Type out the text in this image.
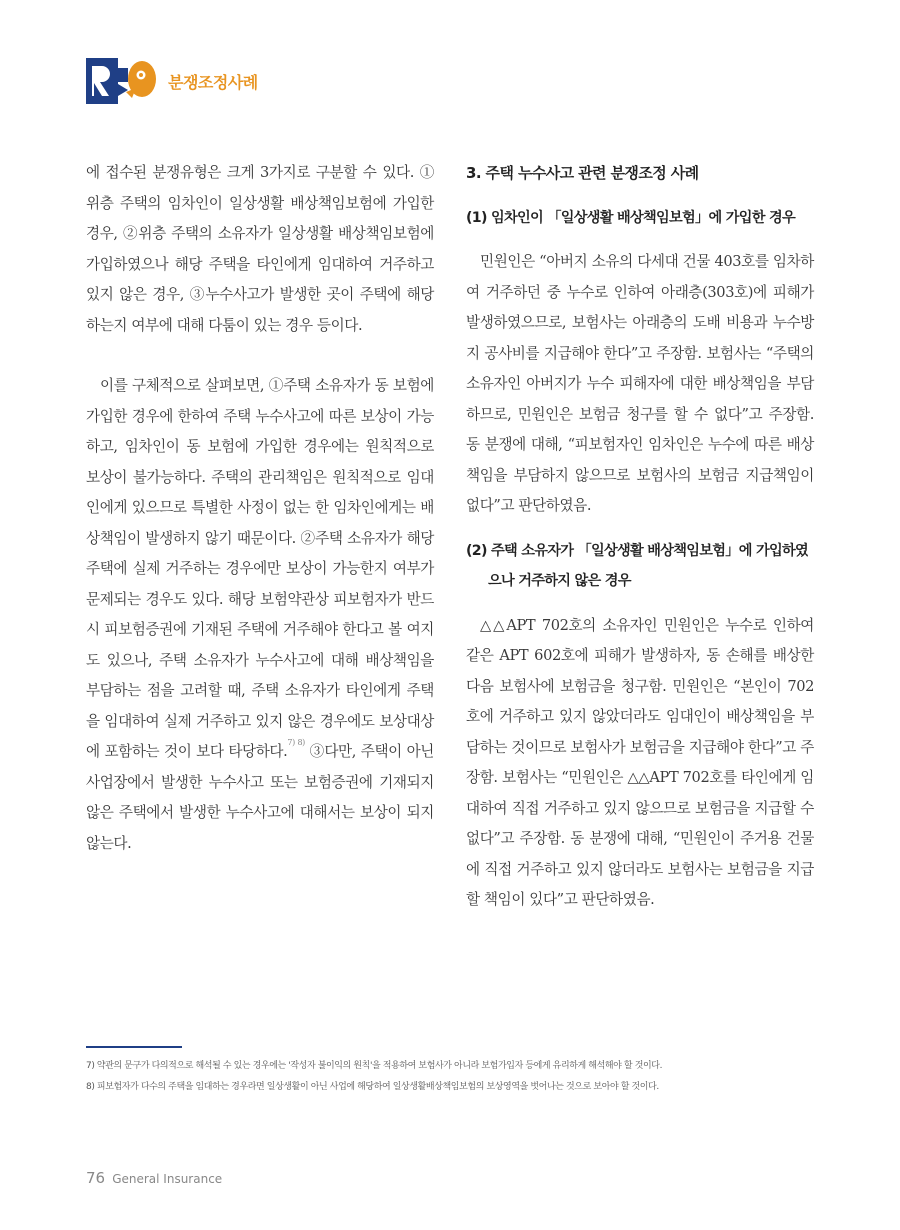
분쟁조정사례

에 접수된 분쟁유형은 크게 3가지로 구분할 수 있다. ①위층 주택의 임차인이 일상생활 배상책임보험에 가입한 경우, ②위층 주택의 소유자가 일상생활 배상책임보험에 가입하였으나 해당 주택을 타인에게 임대하여 거주하고 있지 않은 경우, ③누수사고가 발생한 곳이 주택에 해당하는지 여부에 대해 다툼이 있는 경우 등이다.

이를 구체적으로 살펴보면, ①주택 소유자가 동 보험에 가입한 경우에 한하여 주택 누수사고에 따른 보상이 가능하고, 임차인이 동 보험에 가입한 경우에는 원칙적으로 보상이 불가능하다. 주택의 관리책임은 원칙적으로 임대인에게 있으므로 특별한 사정이 없는 한 임차인에게는 배상책임이 발생하지 않기 때문이다. ②주택 소유자가 해당 주택에 실제 거주하는 경우에만 보상이 가능한지 여부가 문제되는 경우도 있다. 해당 보험약관상 피보험자가 반드시 피보험증권에 기재된 주택에 거주해야 한다고 볼 여지도 있으나, 주택 소유자가 누수사고에 대해 배상책임을 부담하는 점을 고려할 때, 주택 소유자가 타인에게 주택을 임대하여 실제 거주하고 있지 않은 경우에도 보상대상에 포함하는 것이 보다 타당하다.$^{7) 8)}$ ③다만, 주택이 아닌 사업장에서 발생한 누수사고 또는 보험증권에 기재되지 않은 주택에서 발생한 누수사고에 대해서는 보상이 되지 않는다.

3. 주택 누수사고 관련 분쟁조정 사례
(1) 임차인이 「일상생활 배상책임보험」에 가입한 경우

민원인은 “아버지 소유의 다세대 건물 403호를 임차하여 거주하던 중 누수로 인하여 아래층(303호)에 피해가 발생하였으므로, 보험사는 아래층의 도배 비용과 누수방지 공사비를 지급해야 한다”고 주장함. 보험사는 “주택의 소유자인 아버지가 누수 피해자에 대한 배상책임을 부담하므로, 민원인은 보험금 청구를 할 수 없다”고 주장함. 동 분쟁에 대해, “피보험자인 임차인은 누수에 따른 배상책임을 부담하지 않으므로 보험사의 보험금 지급책임이 없다”고 판단하였음.

(2) 주택 소유자가 「일상생활 배상책임보험」에 가입하였으나 거주하지 않은 경우

△△APT 702호의 소유자인 민원인은 누수로 인하여 같은 APT 602호에 피해가 발생하자, 동 손해를 배상한 다음 보험사에 보험금을 청구함. 민원인은 “본인이 702호에 거주하고 있지 않았더라도 임대인이 배상책임을 부담하는 것이므로 보험사가 보험금을 지급해야 한다”고 주장함. 보험사는 “민원인은 △△APT 702호를 타인에게 임대하여 직접 거주하고 있지 않으므로 보험금을 지급할 수 없다”고 주장함. 동 분쟁에 대해, “민원인이 주거용 건물에 직접 거주하고 있지 않더라도 보험사는 보험금을 지급할 책임이 있다”고 판단하였음.

7) 약관의 문구가 다의적으로 해석될 수 있는 경우에는 '작성자 불이익의 원칙'을 적용하여 보험사가 아니라 보험가입자 등에게 유리하게 해석해야 할 것이다.
8) 피보험자가 다수의 주택을 임대하는 경우라면 일상생활이 아닌 사업에 해당하여 일상생활배상책임보험의 보상영역을 벗어나는 것으로 보아야 할 것이다.
76 General Insurance
